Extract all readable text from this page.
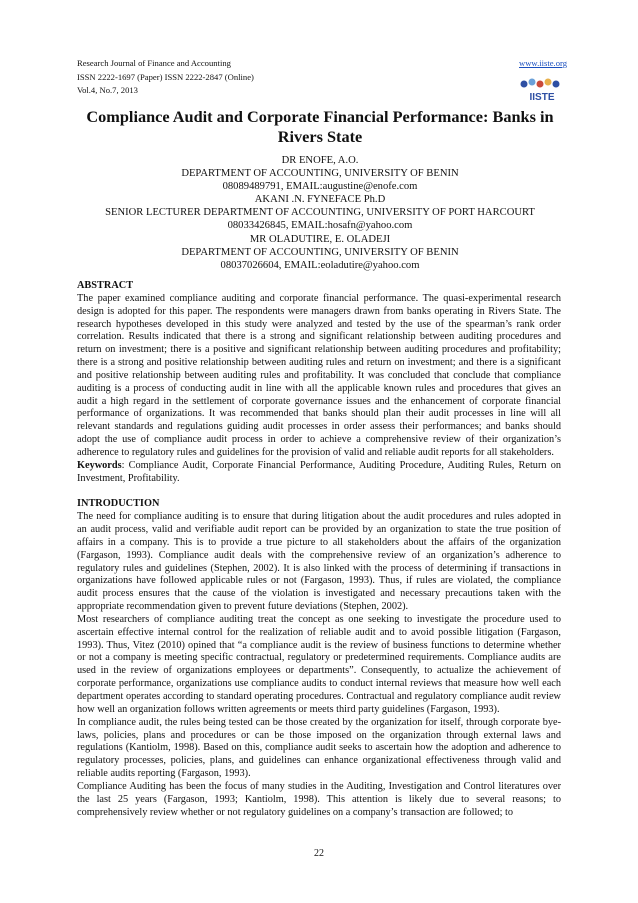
Research Journal of Finance and Accounting
ISSN 2222-1697 (Paper) ISSN 2222-2847 (Online)
Vol.4, No.7, 2013
www.iiste.org
IISTE
Compliance Audit and Corporate Financial Performance: Banks in Rivers State
DR ENOFE, A.O.
DEPARTMENT OF ACCOUNTING, UNIVERSITY OF BENIN
08089489791, EMAIL:augustine@enofe.com
AKANI .N. FYNEFACE Ph.D
SENIOR LECTURER DEPARTMENT OF ACCOUNTING, UNIVERSITY OF PORT HARCOURT
08033426845, EMAIL:hosafn@yahoo.com
MR OLADUTIRE, E. OLADEJI
DEPARTMENT OF ACCOUNTING, UNIVERSITY OF BENIN
08037026604, EMAIL:eoladutire@yahoo.com

ABSTRACT

The paper examined compliance auditing and corporate financial performance. The quasi-experimental research design is adopted for this paper. The respondents were managers drawn from banks operating in Rivers State. The research hypotheses developed in this study were analyzed and tested by the use of the spearman’s rank order correlation. Results indicated that there is a strong and significant relationship between auditing procedures and return on investment; there is a positive and significant relationship between auditing procedures and profitability; there is a strong and positive relationship between auditing rules and return on investment; and there is a significant and positive relationship between auditing rules and profitability. It was concluded that conclude that compliance auditing is a process of conducting audit in line with all the applicable known rules and procedures that gives an audit a high regard in the settlement of corporate governance issues and the enhancement of corporate financial performance of organizations. It was recommended that banks should plan their audit processes in line will all relevant standards and regulations guiding audit processes in order assess their performances; and banks should adopt the use of compliance audit process in order to achieve a comprehensive review of their organization’s adherence to regulatory rules and guidelines for the provision of valid and reliable audit reports for all stakeholders.

Keywords: Compliance Audit, Corporate Financial Performance, Auditing Procedure, Auditing Rules, Return on Investment, Profitability.

INTRODUCTION

The need for compliance auditing is to ensure that during litigation about the audit procedures and rules adopted in an audit process, valid and verifiable audit report can be provided by an organization to state the true position of affairs in a company. This is to provide a true picture to all stakeholders about the affairs of the organization (Fargason, 1993). Compliance audit deals with the comprehensive review of an organization’s adherence to regulatory rules and guidelines (Stephen, 2002). It is also linked with the process of determining if transactions in organizations have followed applicable rules or not (Fargason, 1993). Thus, if rules are violated, the compliance audit process ensures that the cause of the violation is investigated and necessary precautions taken with the appropriate recommendation given to prevent future deviations (Stephen, 2002).

Most researchers of compliance auditing treat the concept as one seeking to investigate the procedure used to ascertain effective internal control for the realization of reliable audit and to avoid possible litigation (Fargason, 1993). Thus, Vitez (2010) opined that “a compliance audit is the review of business functions to determine whether or not a company is meeting specific contractual, regulatory or predetermined requirements. Compliance audits are used in the review of organizations employees or departments”. Consequently, to actualize the achievement of corporate performance, organizations use compliance audits to conduct internal reviews that measure how well each department operates according to standard operating procedures. Contractual and regulatory compliance audit review how well an organization follows written agreements or meets third party guidelines (Fargason, 1993).

In compliance audit, the rules being tested can be those created by the organization for itself, through corporate bye-laws, policies, plans and procedures or can be those imposed on the organization through external laws and regulations (Kantiolm, 1998). Based on this, compliance audit seeks to ascertain how the adoption and adherence to regulatory processes, policies, plans, and guidelines can enhance organizational effectiveness through valid and reliable audits reporting (Fargason, 1993).

Compliance Auditing has been the focus of many studies in the Auditing, Investigation and Control literatures over the last 25 years (Fargason, 1993; Kantiolm, 1998). This attention is likely due to several reasons; to comprehensively review whether or not regulatory guidelines on a company’s transaction are followed; to

22
